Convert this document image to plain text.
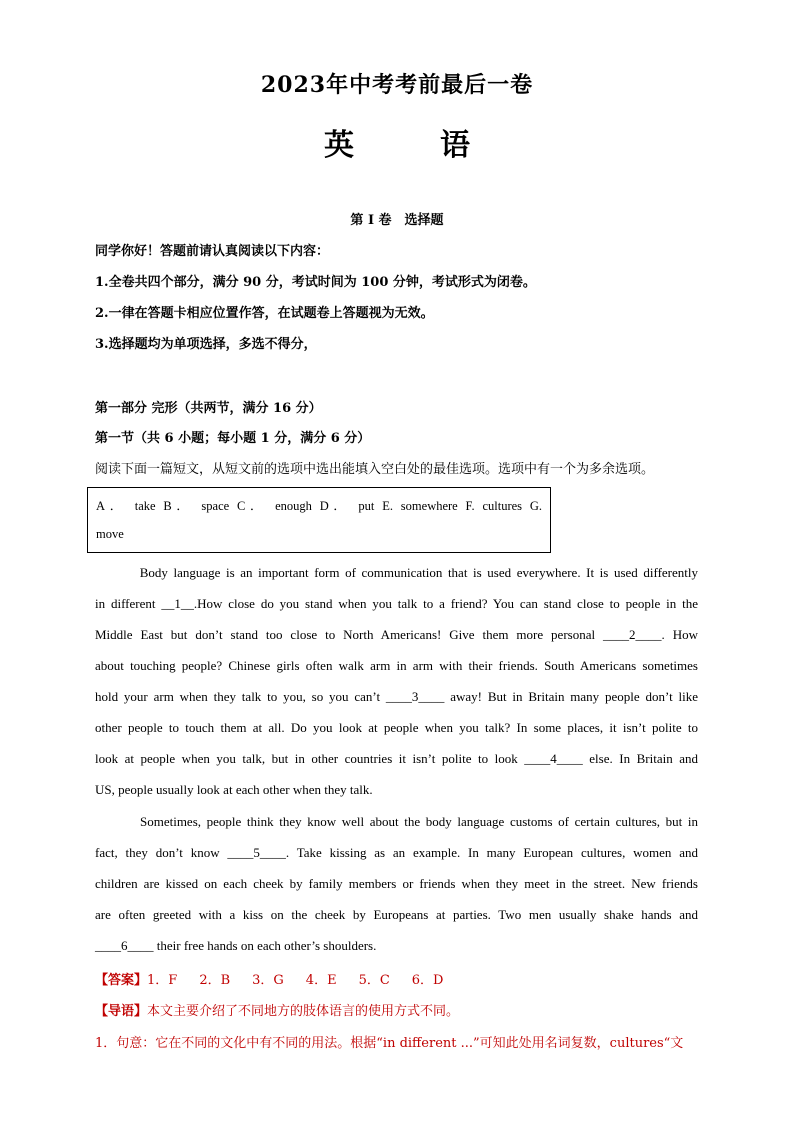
2023年中考考前最后一卷
英　语
第 I 卷　选择题
同学你好！答题前请认真阅读以下内容：
1.全卷共四个部分，满分 90 分，考试时间为 100 分钟，考试形式为闭卷。
2.一律在答题卡相应位置作答，在试题卷上答题视为无效。
3.选择题均为单项选择，多选不得分，
第一部分 完形（共两节，满分 16 分）
第一节（共 6 小题；每小题 1 分，满分 6 分）
阅读下面一篇短文，从短文前的选项中选出能填入空白处的最佳选项。选项中有一个为多余选项。
A． take B． space C． enough D． put E. somewhere F. cultures G.
move
Body language is an important form of communication that is used everywhere. It is used differently
in different __1__.How close do you stand when you talk to a friend? You can stand close to people in the
Middle East but don’t stand too close to North Americans! Give them more personal ____2____. How
about touching people? Chinese girls often walk arm in arm with their friends. South Americans sometimes
hold your arm when they talk to you, so you can’t ____3____ away! But in Britain many people don’t like
other people to touch them at all. Do you look at people when you talk? In some places, it isn’t polite to
look at people when you talk, but in other countries it isn’t polite to look ____4____ else. In Britain and
US, people usually look at each other when they talk.
Sometimes, people think they know well about the body language customs of certain cultures, but in
fact, they don’t know ____5____. Take kissing as an example. In many European cultures, women and
children are kissed on each cheek by family members or friends when they meet in the street. New friends
are often greeted with a kiss on the cheek by Europeans at parties. Two men usually shake hands and
____6____ their free hands on each other’s shoulders.
【答案】1．F 2．B 3．G 4．E 5．C 6．D
【导语】本文主要介绍了不同地方的肢体语言的使用方式不同。
1．句意：它在不同的文化中有不同的用法。根据“in different ...”可知此处用名词复数，cultures“文
